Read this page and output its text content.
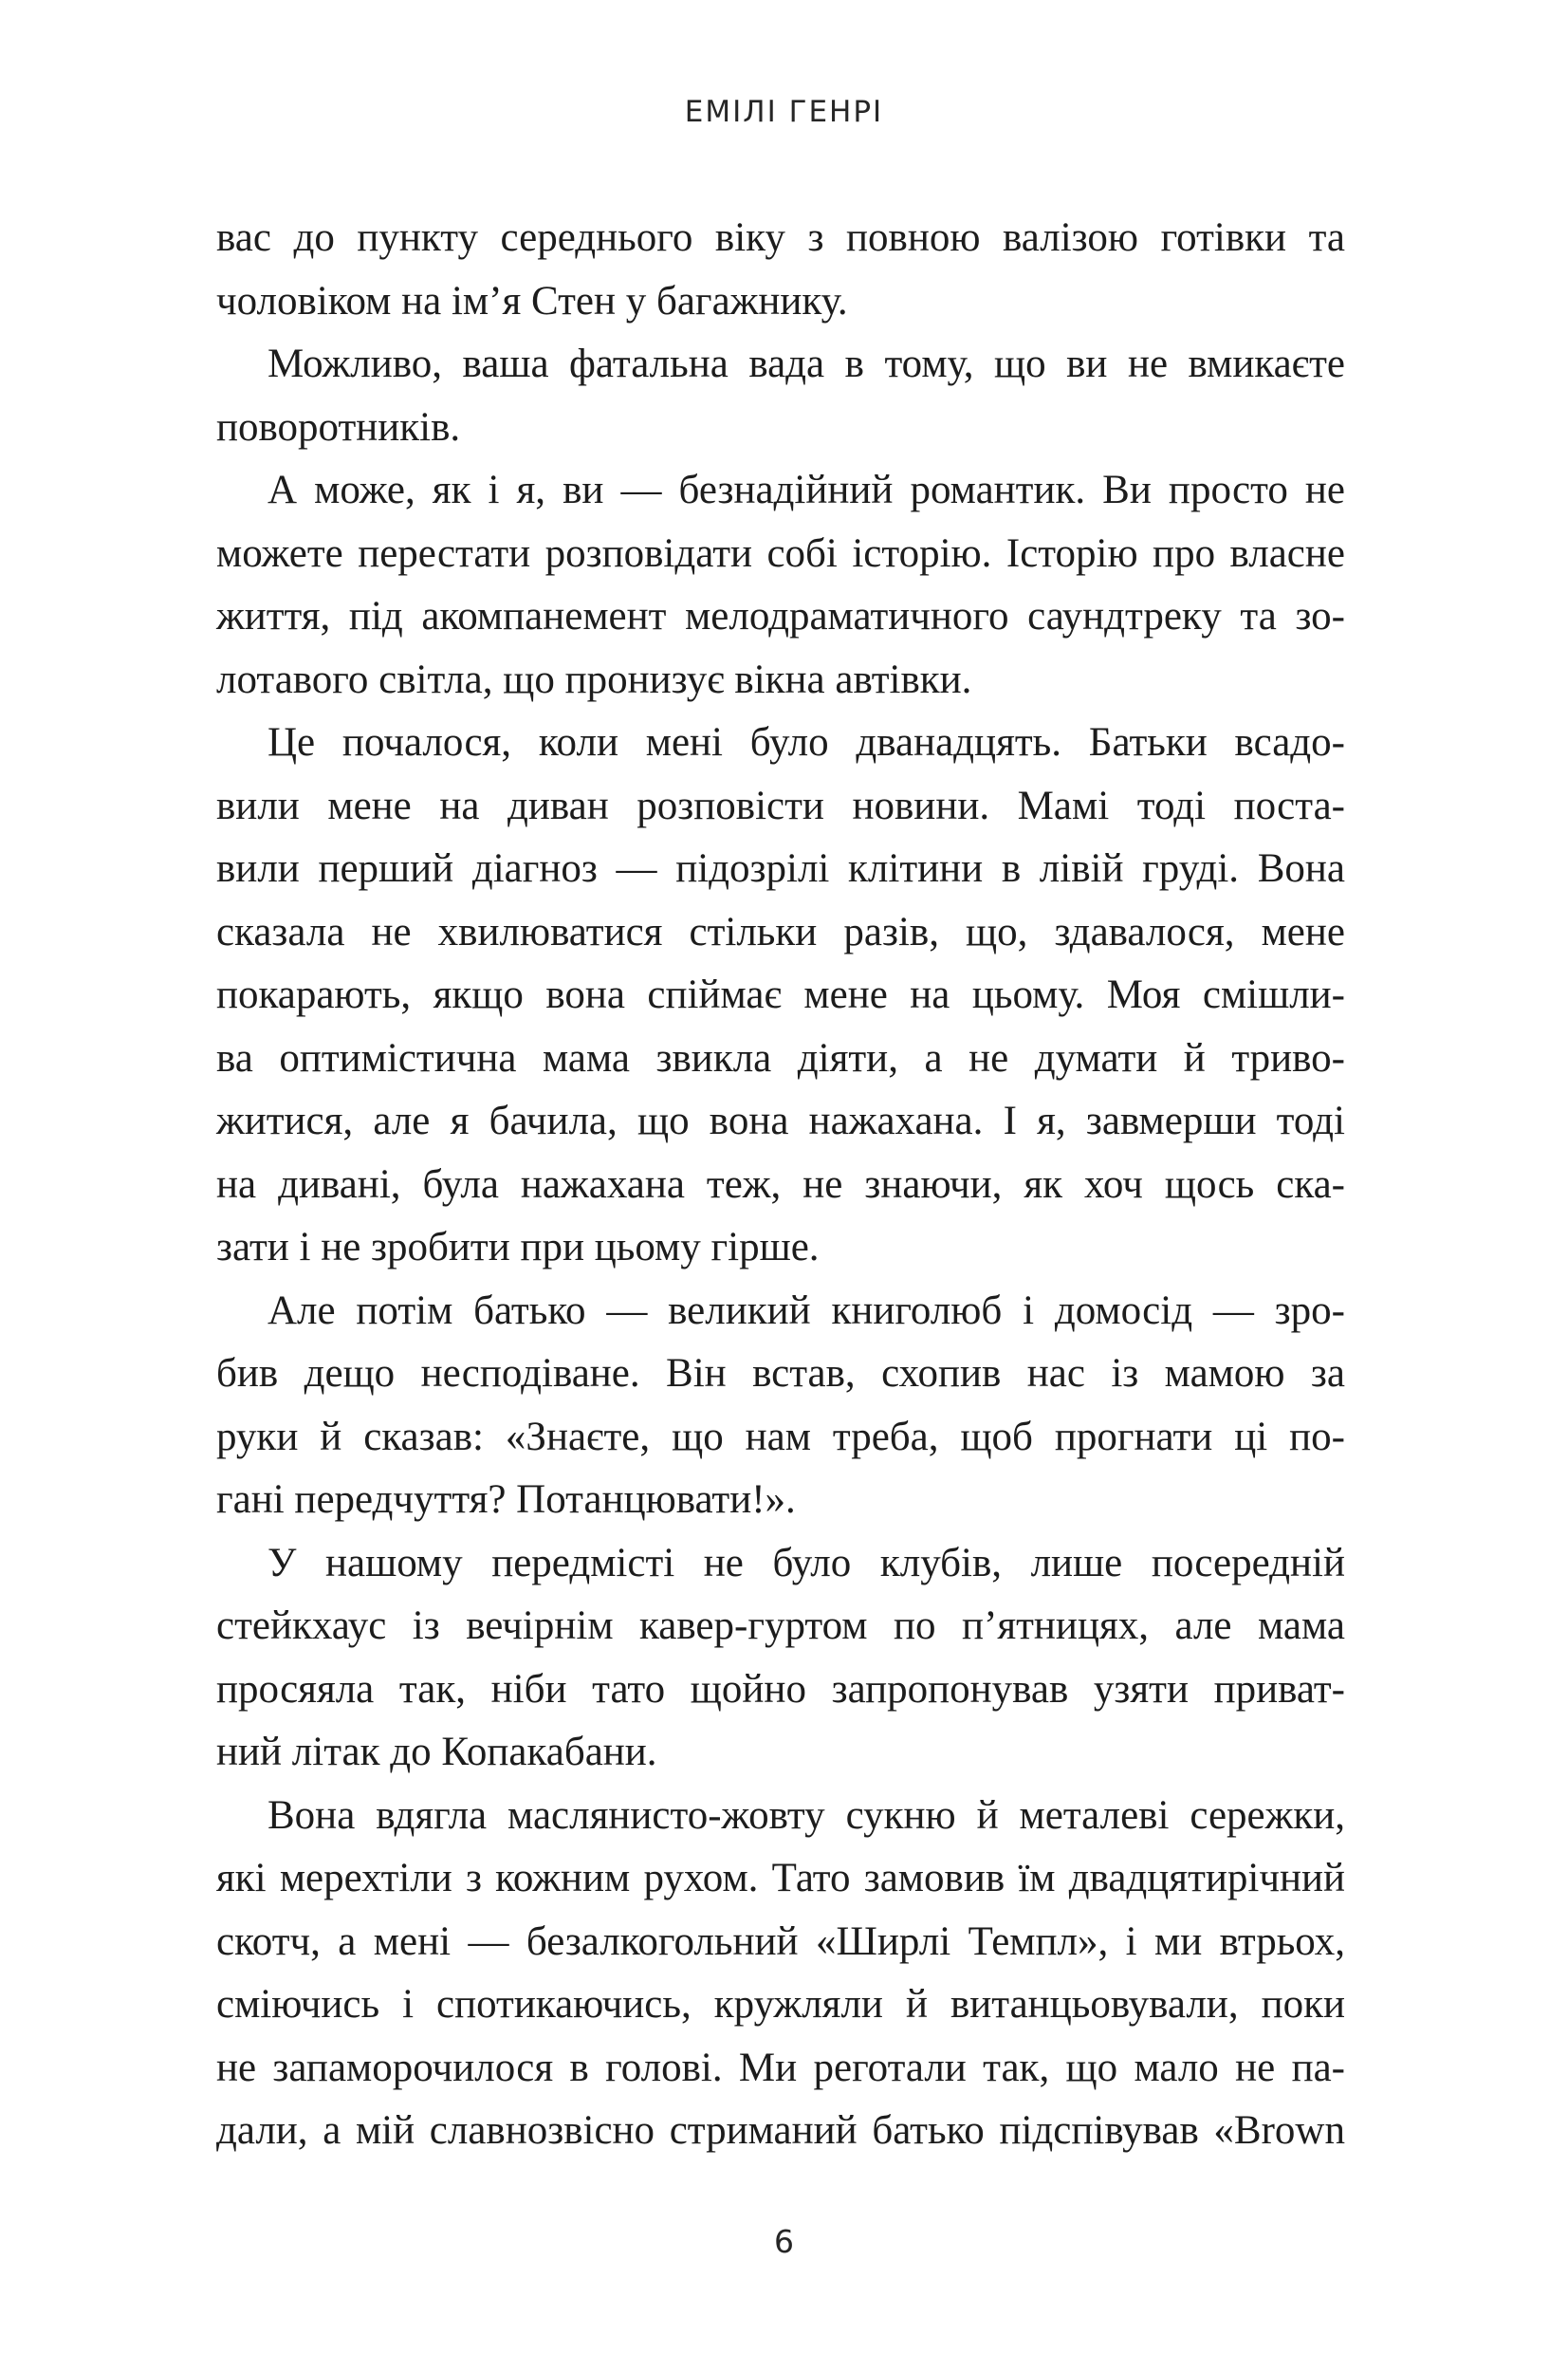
ЕМІЛІ ГЕНРІ
вас до пункту середнього віку з повною валізою готівки та
чоловіком на ім’я Стен у багажнику.
Можливо, ваша фатальна вада в тому, що ви не вмикаєте
поворотників.
А може, як і я, ви — безнадійний романтик. Ви просто не
можете перестати розповідати собі історію. Історію про власне
життя, під акомпанемент мелодраматичного саундтреку та зо-
лотавого світла, що пронизує вікна автівки.
Це почалося, коли мені було дванадцять. Батьки всадо-
вили мене на диван розповісти новини. Мамі тоді поста-
вили перший діагноз — підозрілі клітини в лівій груді. Вона
сказала не хвилюватися стільки разів, що, здавалося, мене
покарають, якщо вона спіймає мене на цьому. Моя смішли-
ва оптимістична мама звикла діяти, а не думати й триво-
житися, але я бачила, що вона нажахана. І я, завмерши тоді
на дивані, була нажахана теж, не знаючи, як хоч щось ска-
зати і не зробити при цьому гірше.
Але потім батько — великий книголюб і домосід — зро-
бив дещо несподіване. Він встав, схопив нас із мамою за
руки й сказав: «Знаєте, що нам треба, щоб прогнати ці по-
гані передчуття? Потанцювати!».
У нашому передмісті не було клубів, лише посередній
стейкхаус із вечірнім кавер-гуртом по п’ятницях, але мама
просяяла так, ніби тато щойно запропонував узяти приват-
ний літак до Копакабани.
Вона вдягла маслянисто-жовту сукню й металеві сережки,
які мерехтіли з кожним рухом. Тато замовив їм двадцятирічний
скотч, а мені — безалкогольний «Ширлі Темпл», і ми втрьох,
сміючись і спотикаючись, кружляли й витанцьовували, поки
не запаморочилося в голові. Ми реготали так, що мало не па-
дали, а мій славнозвісно стриманий батько підспівував «Brown
6
